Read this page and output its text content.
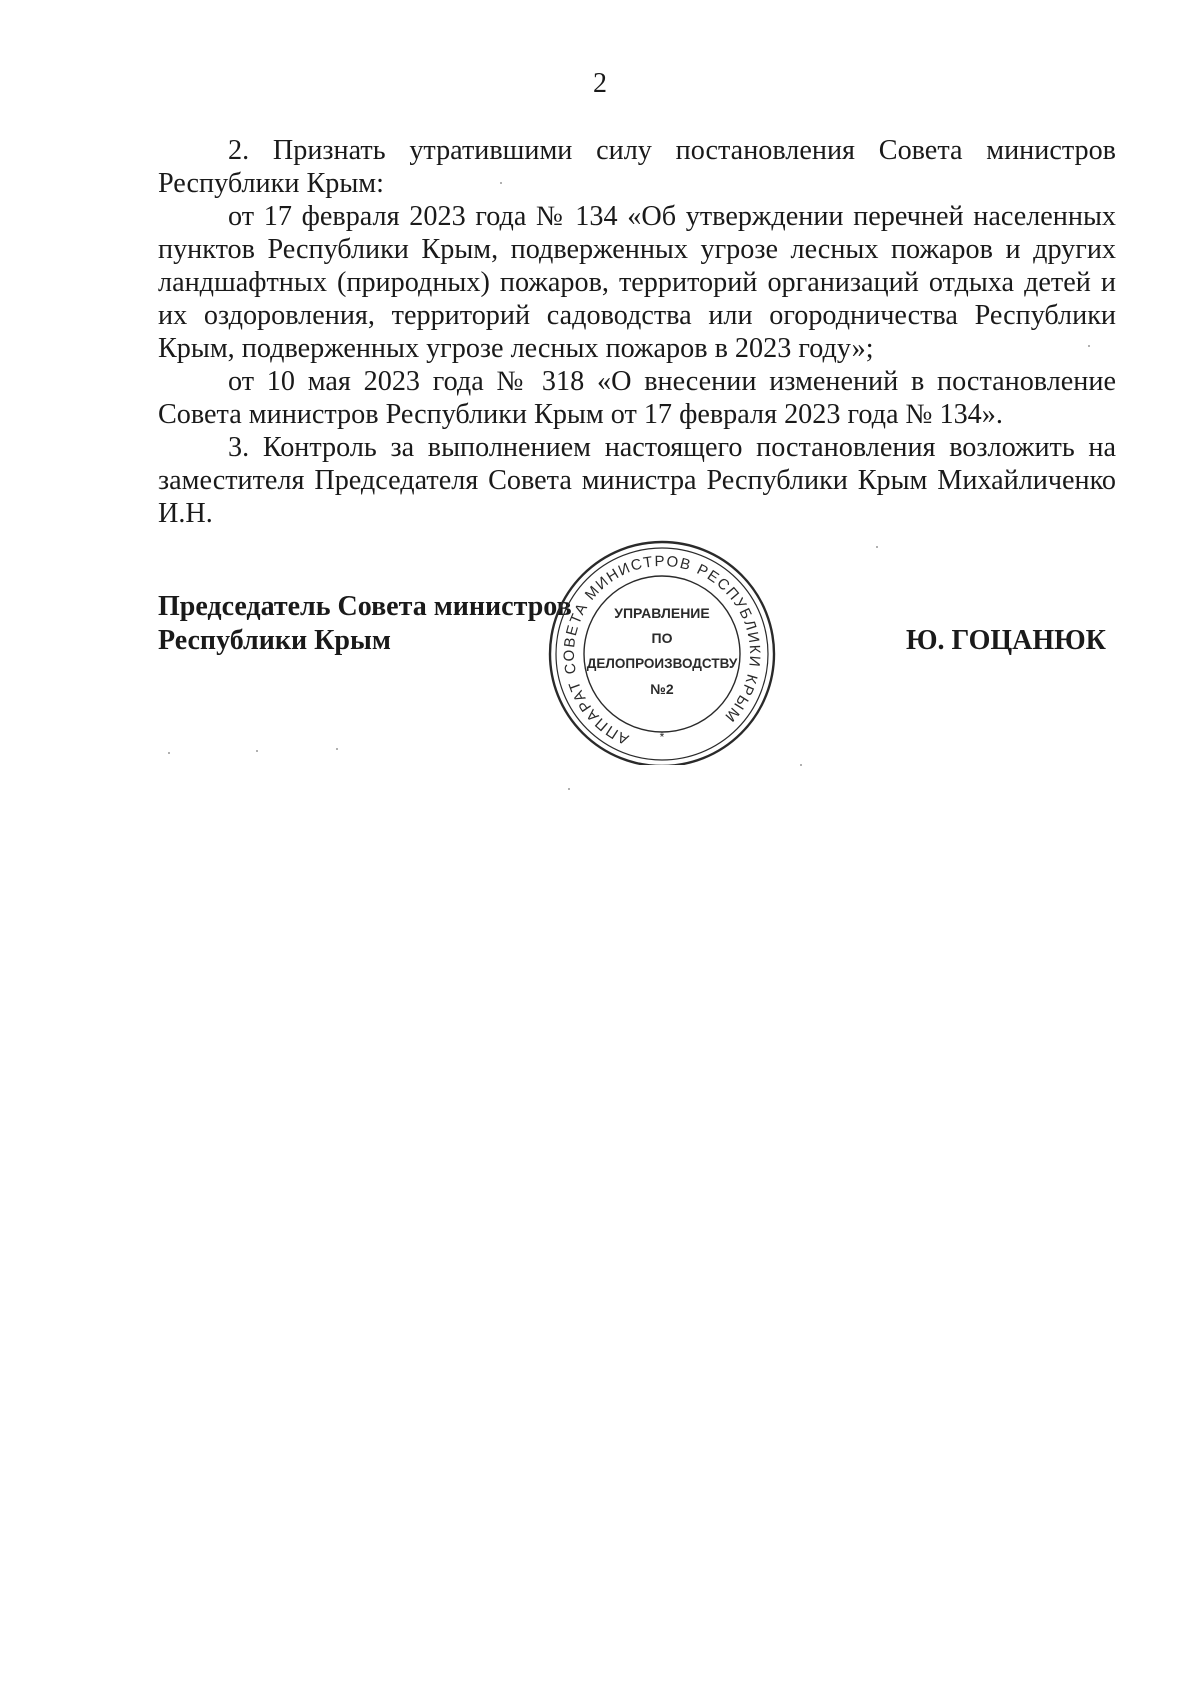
2

2. Признать утратившими силу постановления Совета министров Республики Крым:

от 17 февраля 2023 года № 134 «Об утверждении перечней населенных пунктов Республики Крым, подверженных угрозе лесных пожаров и других ландшафтных (природных) пожаров, территорий организаций отдыха детей и их оздоровления, территорий садоводства или огородничества Республики Крым, подверженных угрозе лесных пожаров в 2023 году»;

от 10 мая 2023 года № 318 «О внесении изменений в постановление Совета министров Республики Крым от 17 февраля 2023 года № 134».

3. Контроль за выполнением настоящего постановления возложить на заместителя Председателя Совета министра Республики Крым Михайличенко И.Н.

Председатель Совета министров
Республики Крым	Ю. ГОЦАНЮК
АППАРАТ СОВЕТА МИНИСТРОВ РЕСПУБЛИКИ КРЫМ
*
УПРАВЛЕНИЕ
ПО
ДЕЛОПРОИЗВОДСТВУ
№2
